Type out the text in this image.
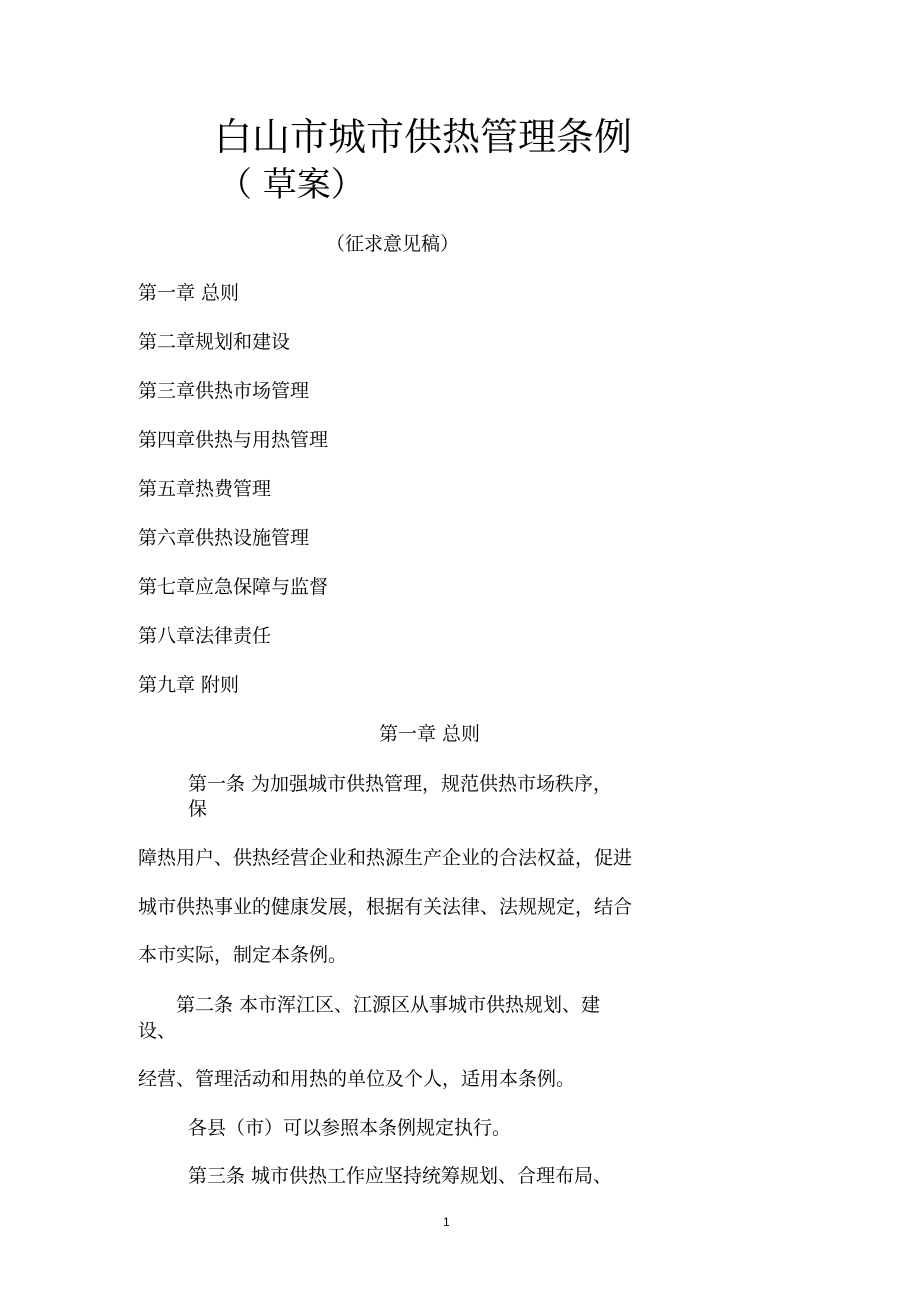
白山市城市供热管理条例
（ 草案）
（征求意见稿）
第一章 总则
第二章规划和建设
第三章供热市场管理
第四章供热与用热管理
第五章热费管理
第六章供热设施管理
第七章应急保障与监督
第八章法律责任
第九章 附则
第一章 总则
第一条 为加强城市供热管理，规范供热市场秩序，
保
障热用户、供热经营企业和热源生产企业的合法权益，促进
城市供热事业的健康发展，根据有关法律、法规规定，结合
本市实际，制定本条例。
第二条 本市浑江区、江源区从事城市供热规划、建
设、
经营、管理活动和用热的单位及个人，适用本条例。
各县（市）可以参照本条例规定执行。
第三条 城市供热工作应坚持统筹规划、合理布局、
1
